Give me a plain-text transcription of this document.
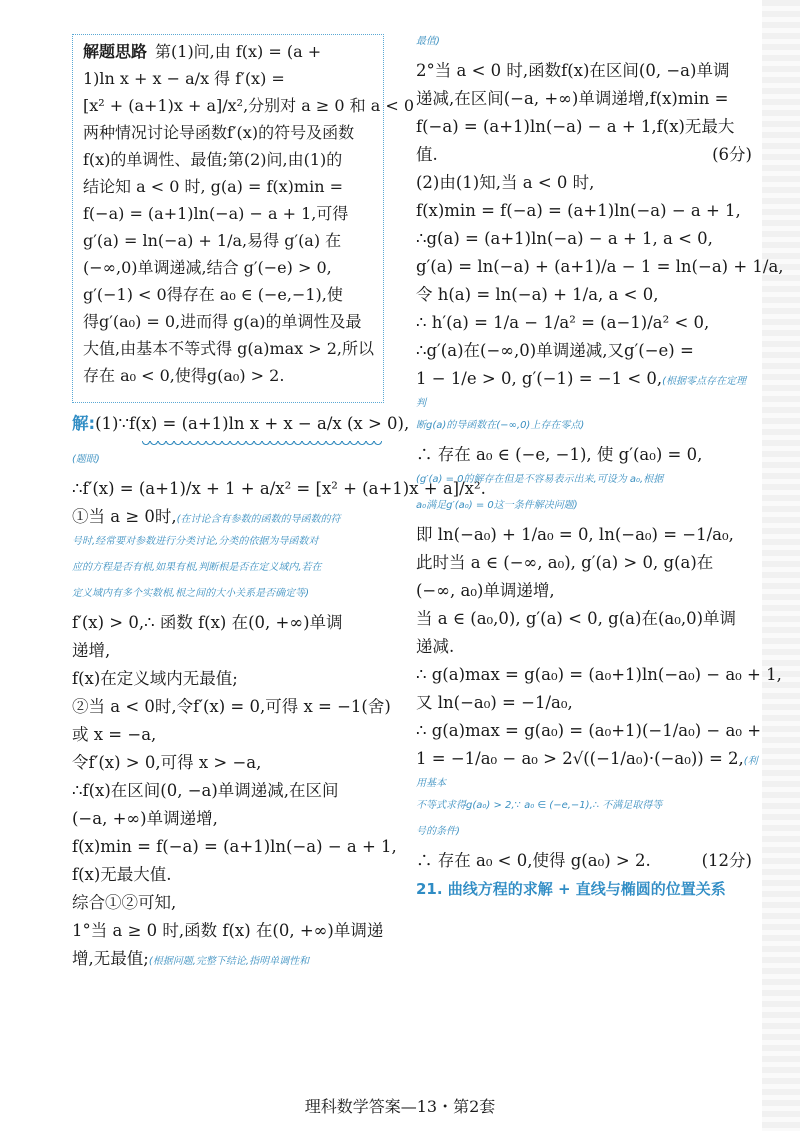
解题思路 第(1)问,由 f(x) = (a +
1)ln x + x − a/x 得 f′(x) =
[x² + (a+1)x + a]/x²,分别对 a ≥ 0 和 a < 0
两种情况讨论导函数f′(x)的符号及函数
f(x)的单调性、最值;第(2)问,由(1)的
结论知 a < 0 时, g(a) = f(x)min =
f(−a) = (a+1)ln(−a) − a + 1,可得
g′(a) = ln(−a) + 1/a,易得 g′(a) 在
(−∞,0)单调递减,结合 g′(−e) > 0,
g′(−1) < 0得存在 a₀ ∈ (−e,−1),使
得g′(a₀) = 0,进而得 g(a)的单调性及最
大值,由基本不等式得 g(a)max > 2,所以
存在 a₀ < 0,使得g(a₀) > 2.
解:(1)∵f(x) = (a+1)ln x + x − a/x (x > 0),
(题眼)
∴f′(x) = (a+1)/x + 1 + a/x² = [x² + (a+1)x + a]/x².
①当 a ≥ 0时,(在讨论含有参数的函数的导函数的符
号时,经常要对参数进行分类讨论,分类的依据为导函数对
应的方程是否有根,如果有根,判断根是否在定义域内,若在
定义域内有多个实数根,根之间的大小关系是否确定等)
f′(x) > 0,∴ 函数 f(x) 在(0, +∞)单调
递增,
f(x)在定义域内无最值;
②当 a < 0时,令f′(x) = 0,可得 x = −1(舍)
或 x = −a,
令f′(x) > 0,可得 x > −a,
∴f(x)在区间(0, −a)单调递减,在区间
(−a, +∞)单调递增,
f(x)min = f(−a) = (a+1)ln(−a) − a + 1,
f(x)无最大值.
综合①②可知,
1°当 a ≥ 0 时,函数 f(x) 在(0, +∞)单调递
增,无最值;(根据问题,完整下结论,指明单调性和
最值)
2°当 a < 0 时,函数f(x)在区间(0, −a)单调
递减,在区间(−a, +∞)单调递增,f(x)min =
f(−a) = (a+1)ln(−a) − a + 1,f(x)无最大
值.	(6分)
(2)由(1)知,当 a < 0 时,
f(x)min = f(−a) = (a+1)ln(−a) − a + 1,
∴g(a) = (a+1)ln(−a) − a + 1, a < 0,
g′(a) = ln(−a) + (a+1)/a − 1 = ln(−a) + 1/a,
令 h(a) = ln(−a) + 1/a, a < 0,
∴ h′(a) = 1/a − 1/a² = (a−1)/a² < 0,
∴g′(a)在(−∞,0)单调递减,又g′(−e) =
1 − 1/e > 0, g′(−1) = −1 < 0,(根据零点存在定理判
断g(a)的导函数在(−∞,0)上存在零点)
∴ 存在 a₀ ∈ (−e, −1), 使 g′(a₀) = 0,
(g′(a) = 0的解存在但是不容易表示出来,可设为 a₀,根据
a₀满足g′(a₀) = 0这一条件解决问题)
即 ln(−a₀) + 1/a₀ = 0, ln(−a₀) = −1/a₀,
此时当 a ∈ (−∞, a₀), g′(a) > 0, g(a)在
(−∞, a₀)单调递增,
当 a ∈ (a₀,0), g′(a) < 0, g(a)在(a₀,0)单调
递减.
∴ g(a)max = g(a₀) = (a₀+1)ln(−a₀) − a₀ + 1,
又 ln(−a₀) = −1/a₀,
∴ g(a)max = g(a₀) = (a₀+1)(−1/a₀) − a₀ +
1 = −1/a₀ − a₀ > 2√((−1/a₀)·(−a₀)) = 2,(利用基本
不等式求得g(a₀) > 2,∵ a₀ ∈ (−e,−1),∴ 不满足取得等
号的条件)
∴ 存在 a₀ < 0,使得 g(a₀) > 2.	(12分)
21. 曲线方程的求解 + 直线与椭圆的位置关系
理科数学答案—13・第2套
